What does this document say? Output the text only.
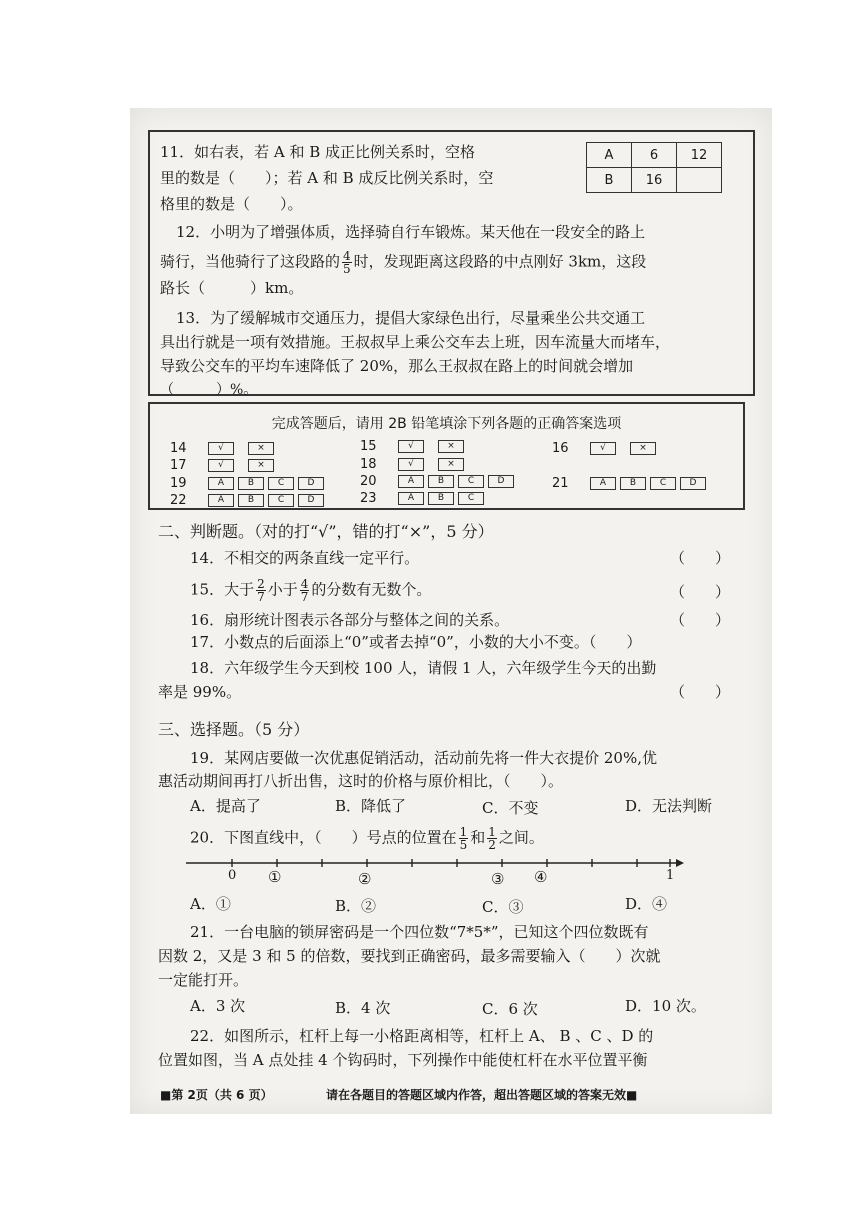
11．如右表，若 A 和 B 成正比例关系时，空格
里的数是（　　）；若 A 和 B 成反比例关系时，空
格里的数是（　　）。
12．小明为了增强体质，选择骑自行车锻炼。某天他在一段安全的路上
骑行，当他骑行了这段路的 $\frac{4}{5}$ 时，发现距离这段路的中点刚好 3km，这段
路长（　　　）km。
13．为了缓解城市交通压力，提倡大家绿色出行，尽量乘坐公共交通工
具出行就是一项有效措施。王叔叔早上乘公交车去上班，因车流量大而堵车，
导致公交车的平均车速降低了 20%，那么王叔叔在路上的时间就会增加
（　　　）%。
A	6	12
B	16	
完成答题后，请用 2B 铅笔填涂下列各题的正确答案选项
14	√	×	15	√	×	16	√	×
17	√	×	18	√	×
19	A	B	C	D	20	A	B	C	D	21	A	B	C	D
22	A	B	C	D	23	A	B	C
二、判断题。（对的打“√”，错的打“×”，5 分）
14．不相交的两条直线一定平行。	（　　）
15．大于 $\frac{2}{7}$ 小于 $\frac{4}{7}$ 的分数有无数个。	（　　）
16．扇形统计图表示各部分与整体之间的关系。	（　　）
17．小数点的后面添上“0”或者去掉“0”，小数的大小不变。（　　）
18．六年级学生今天到校 100 人，请假 1 人，六年级学生今天的出勤
率是 99%。	（　　）
三、选择题。（5 分）
19．某网店要做一次优惠促销活动，活动前先将一件大衣提价 20%,优
惠活动期间再打八折出售，这时的价格与原价相比，（　　）。
A．提高了	B．降低了	C．不变	D．无法判断
20．下图直线中，（　　）号点的位置在 $\frac{1}{5}$ 和 $\frac{1}{2}$ 之间。
0 ①	②	③ ④	1
A．①	B．②	C．③	D．④
21．一台电脑的锁屏密码是一个四位数“7*5*”，已知这个四位数既有
因数 2，又是 3 和 5 的倍数，要找到正确密码，最多需要输入（　　）次就
一定能打开。
A．3 次	B．4 次	C．6 次	D．10 次。
22．如图所示，杠杆上每一小格距离相等，杠杆上 A、 B 、C 、D 的
位置如图，当 A 点处挂 4 个钩码时，下列操作中能使杠杆在水平位置平衡
■第 2页（共 6 页）	请在各题目的答题区域内作答，超出答题区域的答案无效■
